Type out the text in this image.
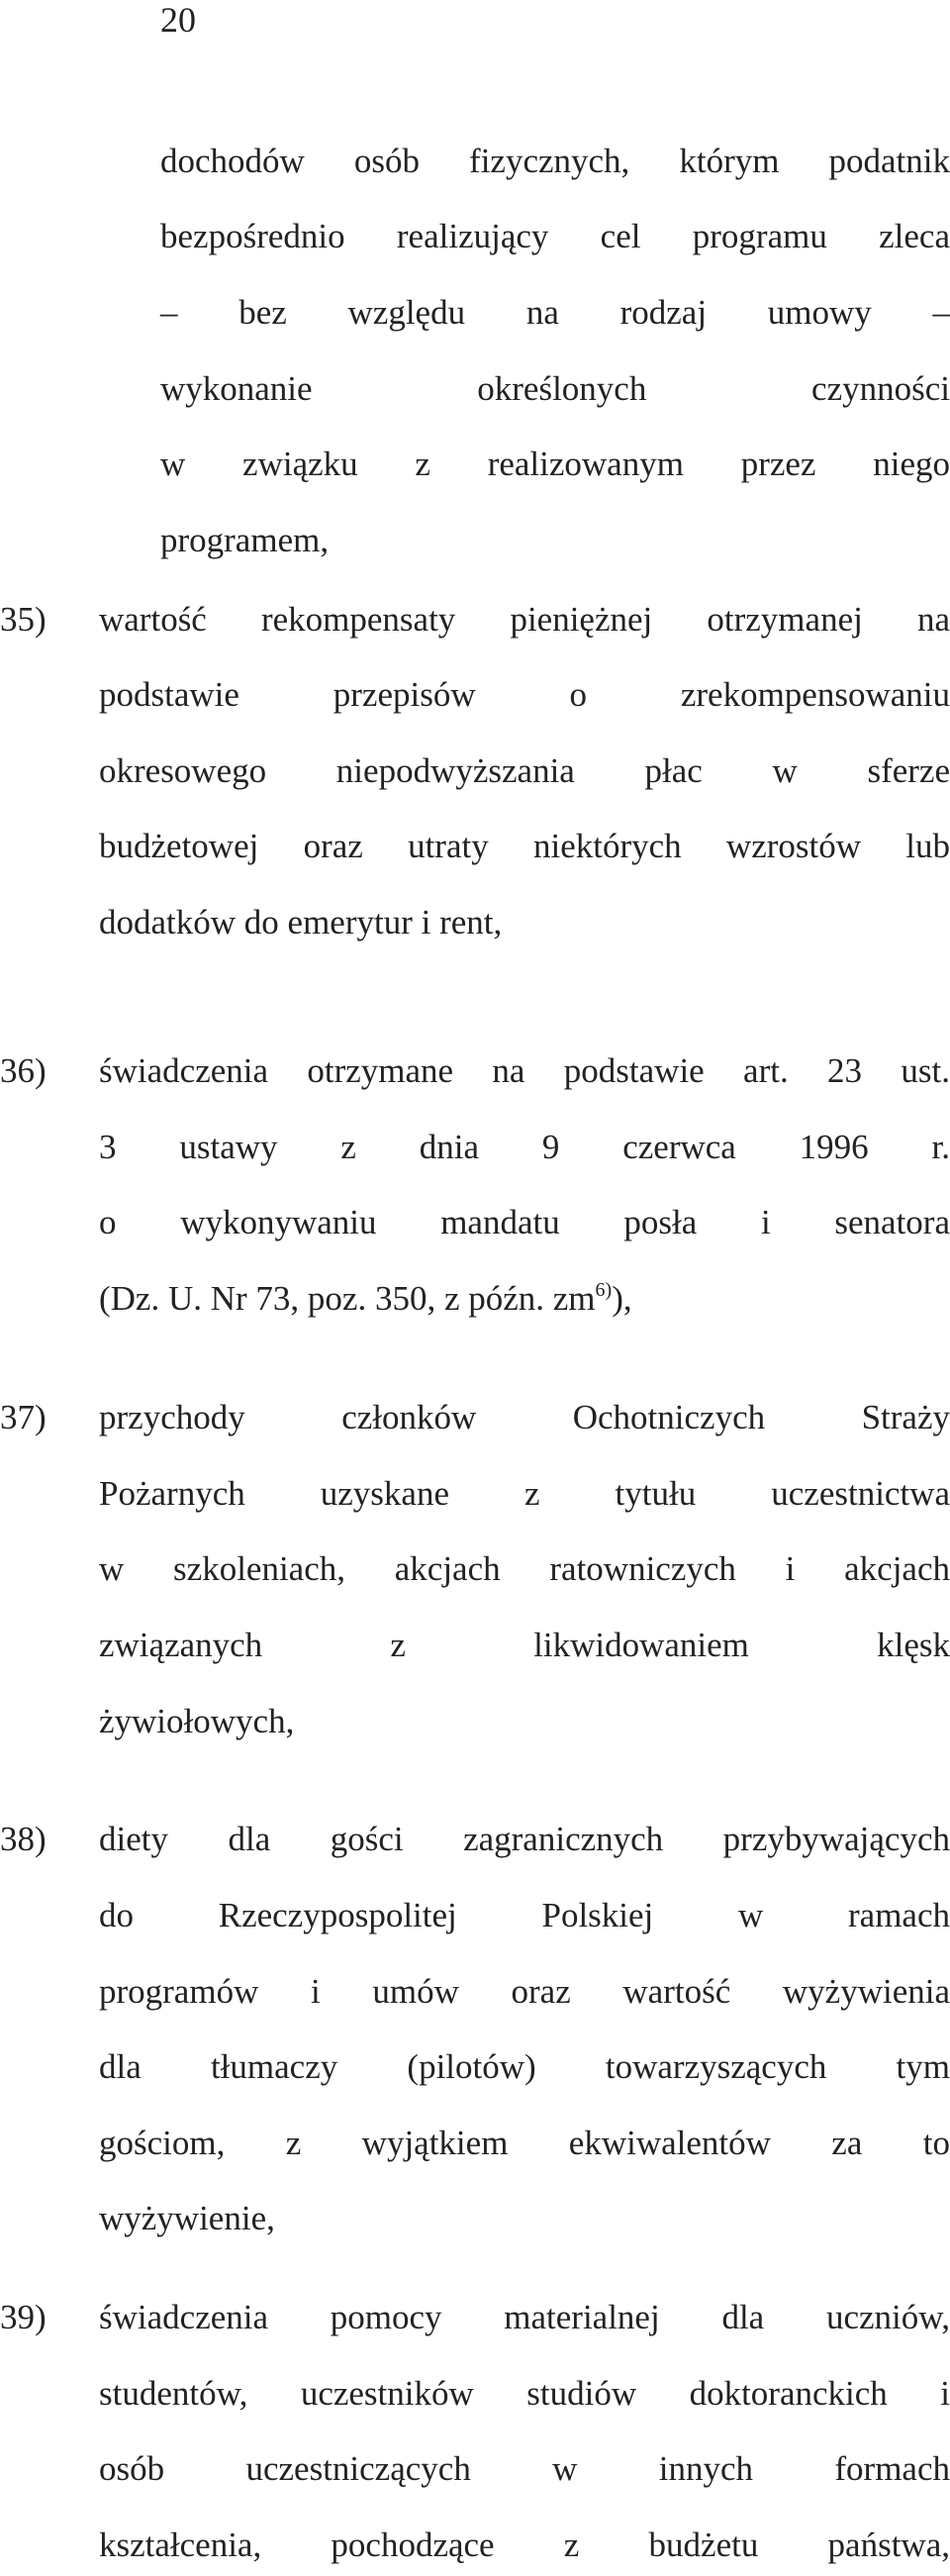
20
dochodów osób fizycznych, którym podatnik
bezpośrednio realizujący cel programu zleca
– bez względu na rodzaj umowy –
wykonanie określonych czynności
w związku z realizowanym przez niego
programem,
35) wartość rekompensaty pieniężnej otrzymanej na
podstawie przepisów o zrekompensowaniu
okresowego niepodwyższania płac w sferze
budżetowej oraz utraty niektórych wzrostów lub
dodatków do emerytur i rent,
36) świadczenia otrzymane na podstawie art. 23 ust.
3 ustawy z dnia 9 czerwca 1996 r.
o wykonywaniu mandatu posła i senatora
(Dz. U. Nr 73, poz. 350, z późn. $zm^{6)}$),
37) przychody członków Ochotniczych Straży
Pożarnych uzyskane z tytułu uczestnictwa
w szkoleniach, akcjach ratowniczych i akcjach
związanych z likwidowaniem klęsk
żywiołowych,
38) diety dla gości zagranicznych przybywających
do Rzeczypospolitej Polskiej w ramach
programów i umów oraz wartość wyżywienia
dla tłumaczy (pilotów) towarzyszących tym
gościom, z wyjątkiem ekwiwalentów za to
wyżywienie,
39) świadczenia pomocy materialnej dla uczniów,
studentów, uczestników studiów doktoranckich i
osób uczestniczących w innych formach
kształcenia, pochodzące z budżetu państwa,
